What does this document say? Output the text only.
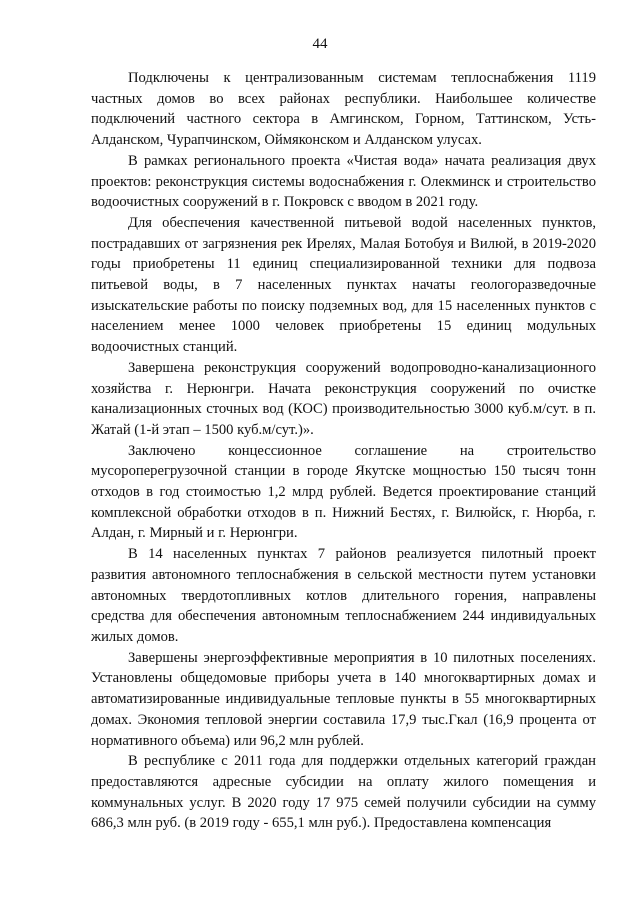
44

Подключены к централизованным системам теплоснабжения 1119 частных домов во всех районах республики. Наибольшее количестве подключений частного сектора в Амгинском, Горном, Таттинском, Усть-Алданском, Чурапчинском, Оймяконском и Алданском улусах.

В рамках регионального проекта «Чистая вода» начата реализация двух проектов: реконструкция системы водоснабжения г. Олекминск и строительство водоочистных сооружений в г. Покровск с вводом в 2021 году.

Для обеспечения качественной питьевой водой населенных пунктов, пострадавших от загрязнения рек Ирелях, Малая Ботобуя и Вилюй, в 2019-2020 годы приобретены 11 единиц специализированной техники для подвоза питьевой воды, в 7 населенных пунктах начаты геологоразведочные изыскательские работы по поиску подземных вод, для 15 населенных пунктов с населением менее 1000 человек приобретены 15 единиц модульных водоочистных станций.

Завершена реконструкция сооружений водопроводно-канализационного хозяйства г. Нерюнгри. Начата реконструкция сооружений по очистке канализационных сточных вод (КОС) производительностью 3000 куб.м/сут. в п. Жатай (1-й этап – 1500 куб.м/сут.)».

Заключено концессионное соглашение на строительство мусороперегрузочной станции в городе Якутске мощностью 150 тысяч тонн отходов в год стоимостью 1,2 млрд рублей. Ведется проектирование станций комплексной обработки отходов в п. Нижний Бестях, г. Вилюйск, г. Нюрба, г. Алдан, г. Мирный и г. Нерюнгри.

В 14 населенных пунктах 7 районов реализуется пилотный проект развития автономного теплоснабжения в сельской местности путем установки автономных твердотопливных котлов длительного горения, направлены средства для обеспечения автономным теплоснабжением 244 индивидуальных жилых домов.

Завершены энергоэффективные мероприятия в 10 пилотных поселениях. Установлены общедомовые приборы учета в 140 многоквартирных домах и автоматизированные индивидуальные тепловые пункты в 55 многоквартирных домах. Экономия тепловой энергии составила 17,9 тыс.Гкал (16,9 процента от нормативного объема) или 96,2 млн рублей.

В республике с 2011 года для поддержки отдельных категорий граждан предоставляются адресные субсидии на оплату жилого помещения и коммунальных услуг. В 2020 году 17 975 семей получили субсидии на сумму 686,3 млн руб. (в 2019 году - 655,1 млн руб.). Предоставлена компенсация
